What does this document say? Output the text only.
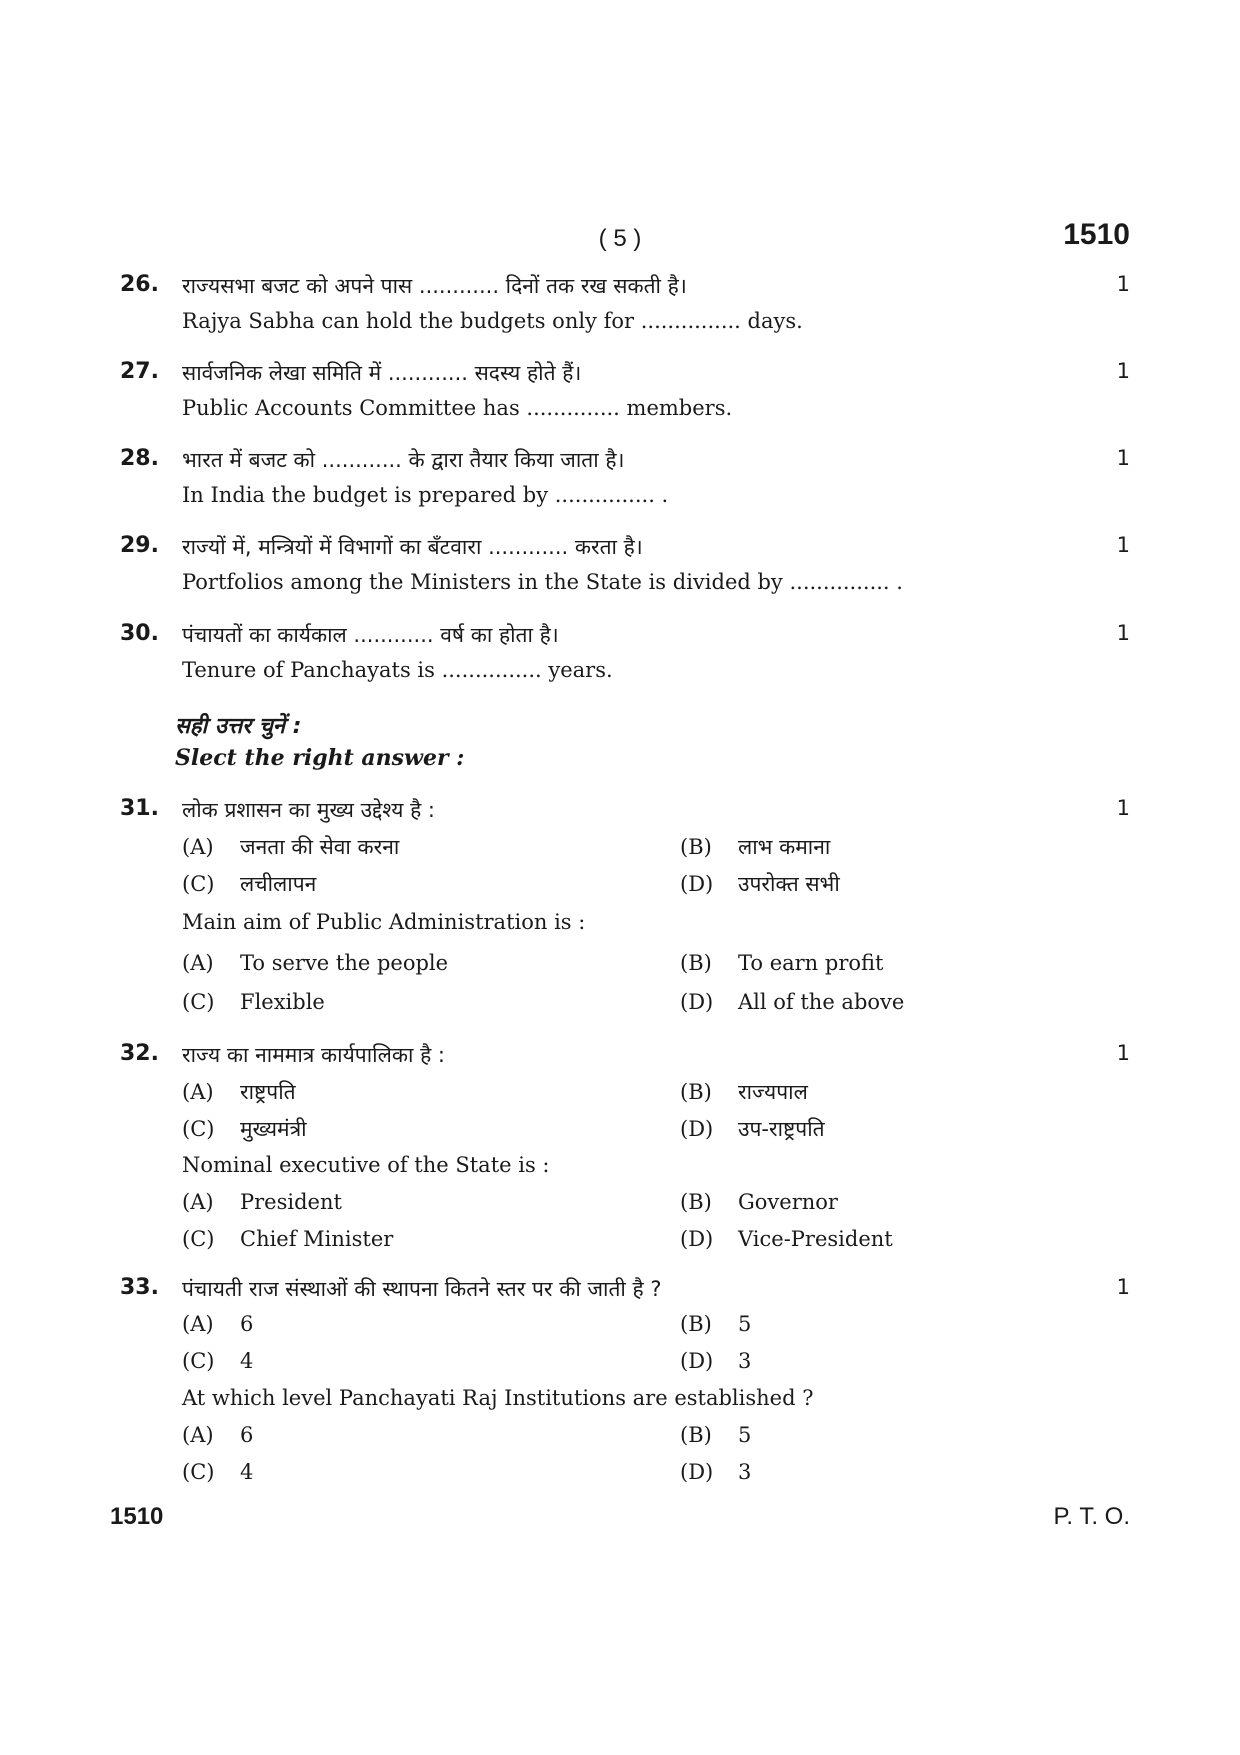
( 5 )	1510
26. राज्यसभा बजट को अपने पास ............ दिनों तक रख सकती है।
Rajya Sabha can hold the budgets only for ............... days.
1
27. सार्वजनिक लेखा समिति में ............ सदस्य होते हैं।
Public Accounts Committee has .............. members.
1
28. भारत में बजट को ............ के द्वारा तैयार किया जाता है।
In India the budget is prepared by ............... .
1
29. राज्यों में, मन्त्रियों में विभागों का बँटवारा ............ करता है।
Portfolios among the Ministers in the State is divided by ............... .
1
30. पंचायतों का कार्यकाल ............ वर्ष का होता है।
Tenure of Panchayats is ............... years.
1
सही उत्तर चुनें :
Slect the right answer :
31. लोक प्रशासन का मुख्य उद्देश्य है :	1
(A) जनता की सेवा करना	(B) लाभ कमाना
(C) लचीलापन	(D) उपरोक्त सभी
Main aim of Public Administration is :
(A) To serve the people	(B) To earn profit
(C) Flexible	(D) All of the above
32. राज्य का नाममात्र कार्यपालिका है :	1
(A) राष्ट्रपति	(B) राज्यपाल
(C) मुख्यमंत्री	(D) उप-राष्ट्रपति
Nominal executive of the State is :
(A) President	(B) Governor
(C) Chief Minister	(D) Vice-President
33. पंचायती राज संस्थाओं की स्थापना कितने स्तर पर की जाती है ?	1
(A) 6	(B) 5
(C) 4	(D) 3
At which level Panchayati Raj Institutions are established ?
(A) 6	(B) 5
(C) 4	(D) 3
1510	P. T. O.
